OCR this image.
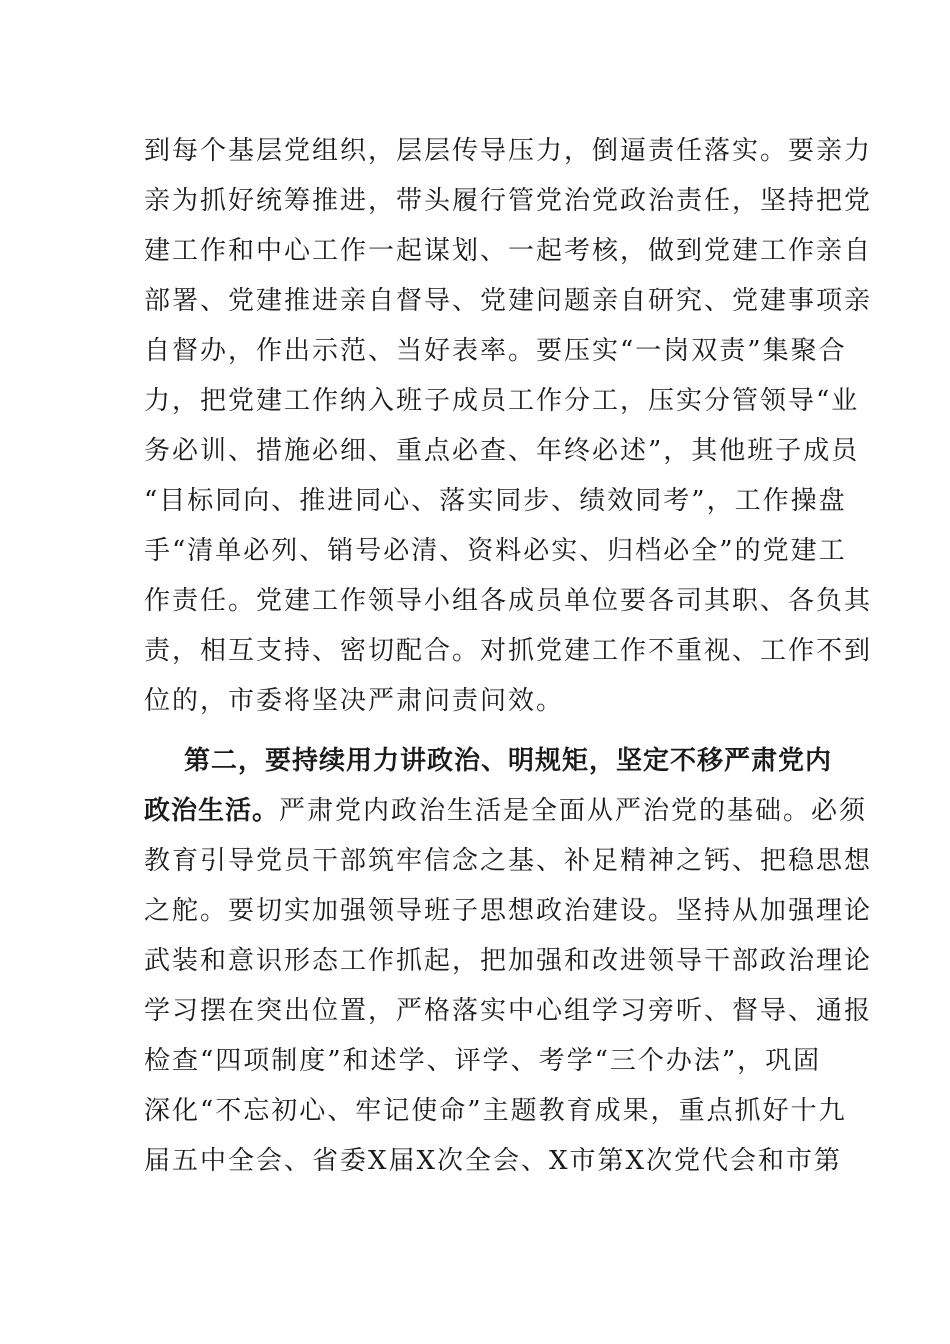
到每个基层党组织，层层传导压力，倒逼责任落实。要亲力
亲为抓好统筹推进，带头履行管党治党政治责任，坚持把党
建工作和中心工作一起谋划、一起考核，做到党建工作亲自
部署、党建推进亲自督导、党建问题亲自研究、党建事项亲
自督办，作出示范、当好表率。要压实“一岗双责”集聚合
力，把党建工作纳入班子成员工作分工，压实分管领导“业
务必训、措施必细、重点必查、年终必述”，其他班子成员
“目标同向、推进同心、落实同步、绩效同考”，工作操盘
手“清单必列、销号必清、资料必实、归档必全”的党建工
作责任。党建工作领导小组各成员单位要各司其职、各负其
责，相互支持、密切配合。对抓党建工作不重视、工作不到
位的，市委将坚决严肃问责问效。
第二，要持续用力讲政治、明规矩，坚定不移严肃党内
政治生活。严肃党内政治生活是全面从严治党的基础。必须
教育引导党员干部筑牢信念之基、补足精神之钙、把稳思想
之舵。要切实加强领导班子思想政治建设。坚持从加强理论
武装和意识形态工作抓起，把加强和改进领导干部政治理论
学习摆在突出位置，严格落实中心组学习旁听、督导、通报
检查“四项制度”和述学、评学、考学“三个办法”，巩固
深化“不忘初心、牢记使命”主题教育成果，重点抓好十九
届五中全会、省委X届X次全会、X市第X次党代会和市第
